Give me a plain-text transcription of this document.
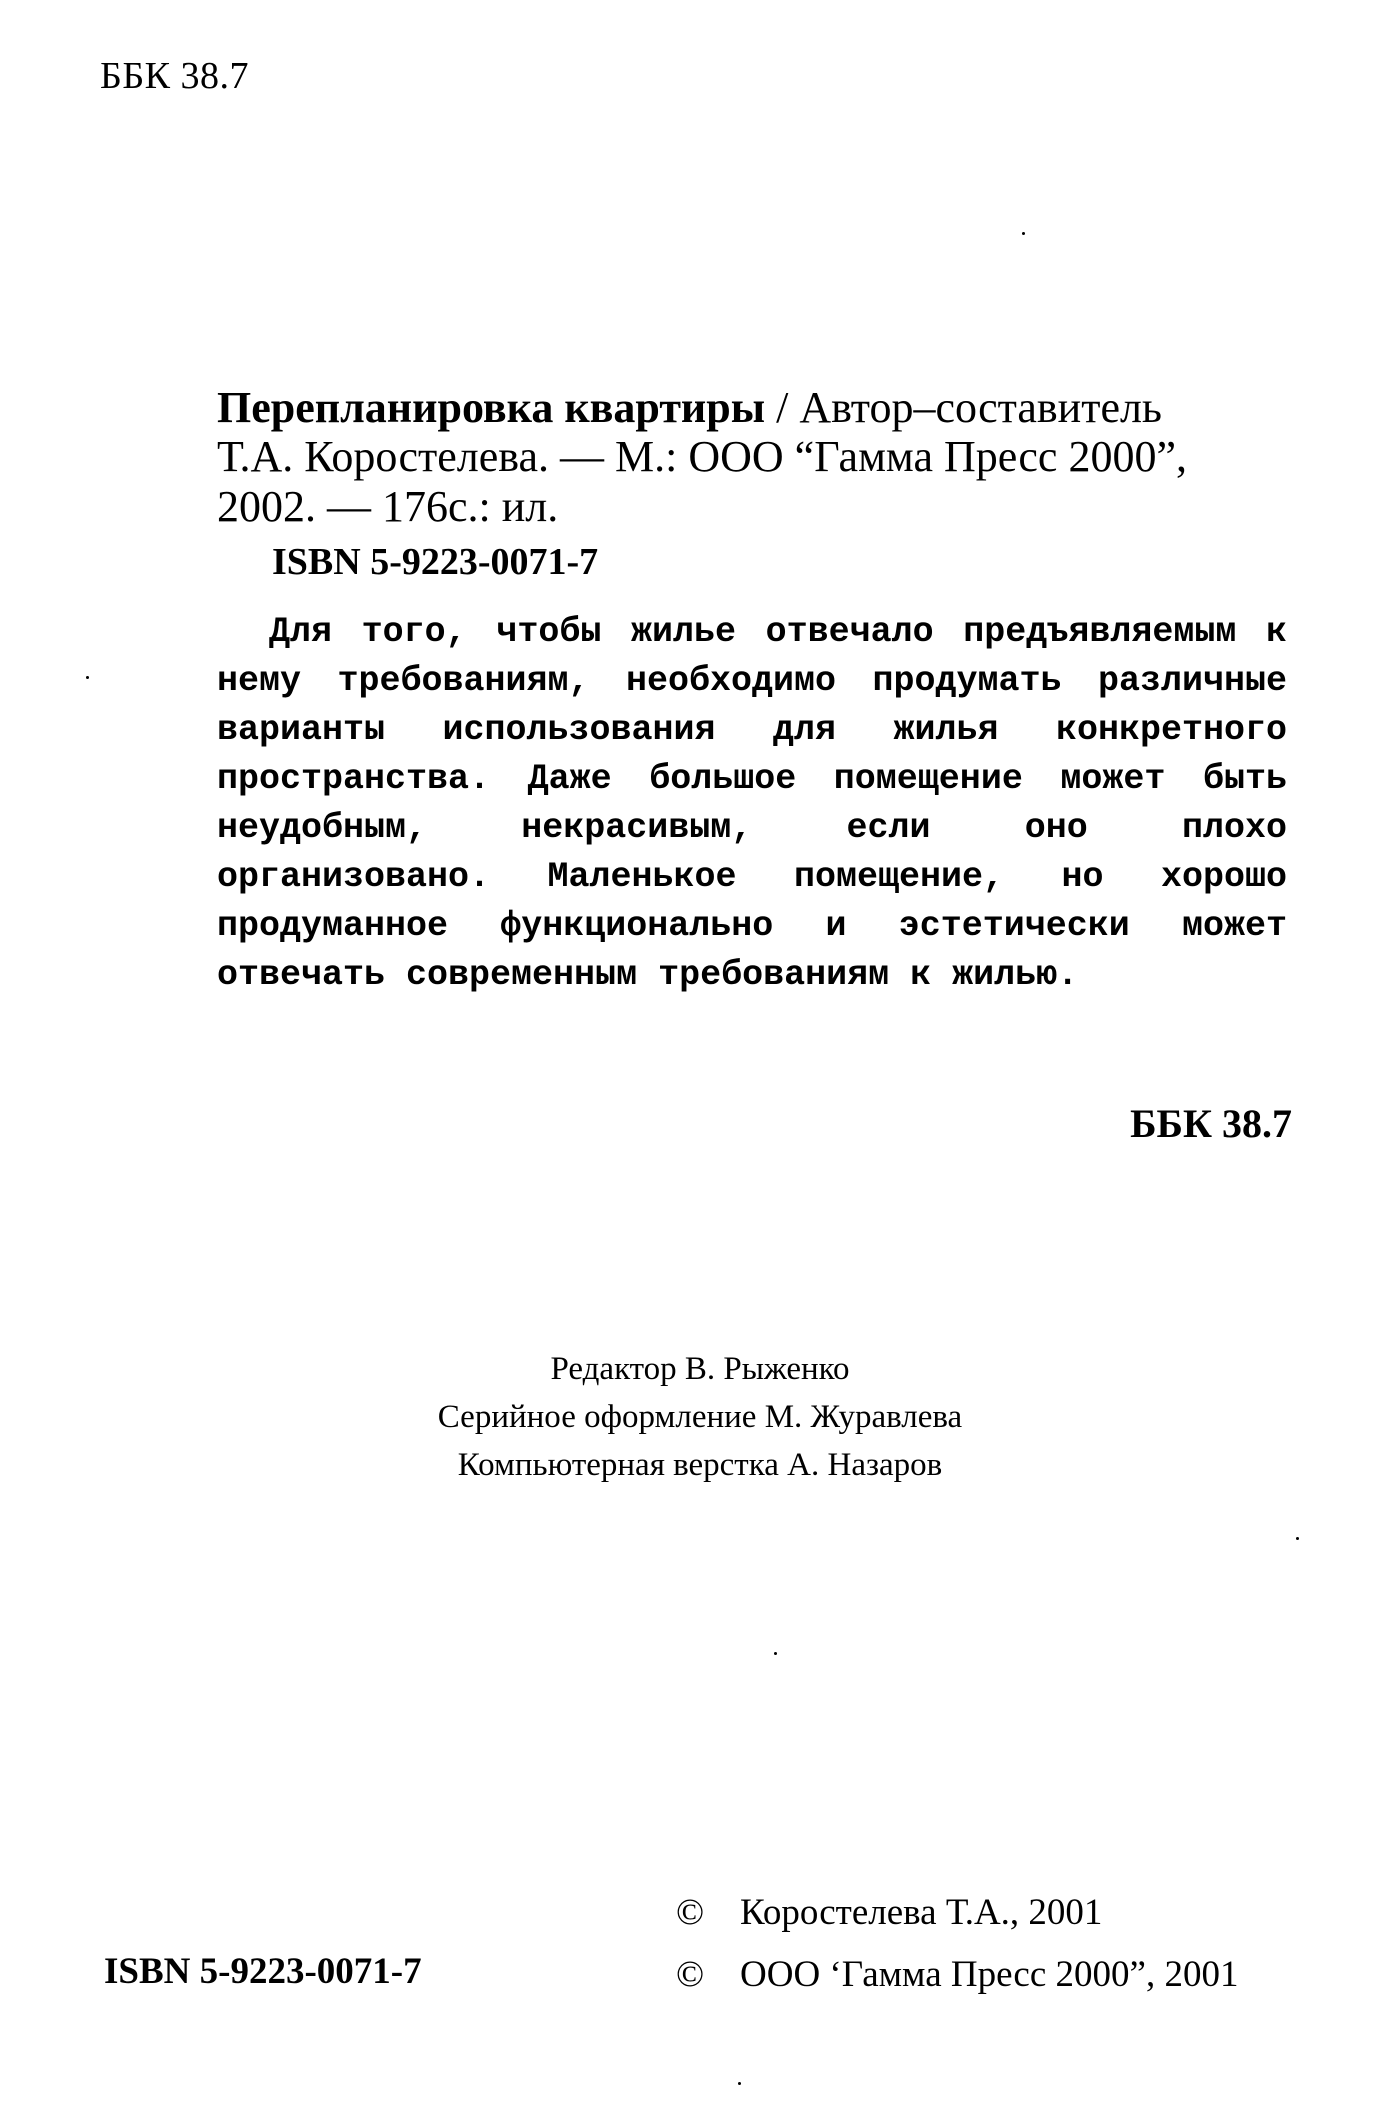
ББК 38.7
Перепланировка квартиры / Автор–составитель
Т.А. Коростелева. — М.: ООО “Гамма Пресс 2000”,
2002. — 176с.: ил.
ISBN 5-9223-0071-7
Для того, чтобы жилье отвечало предъявляемым к нему требованиям, необходимо продумать различные варианты использования для жилья конкретного пространства. Даже большое помещение может быть неудобным, некрасивым, если оно плохо организовано. Маленькое помещение, но хорошо продуманное функционально и эстетически может отвечать современным требованиям к жилью.
ББК 38.7
Редактор В. Рыженко
Серийное оформление М. Журавлева
Компьютерная верстка А. Назаров
ISBN 5-9223-0071-7
© Коростелева Т.А., 2001
© ООО ‘Гамма Пресс 2000”, 2001
